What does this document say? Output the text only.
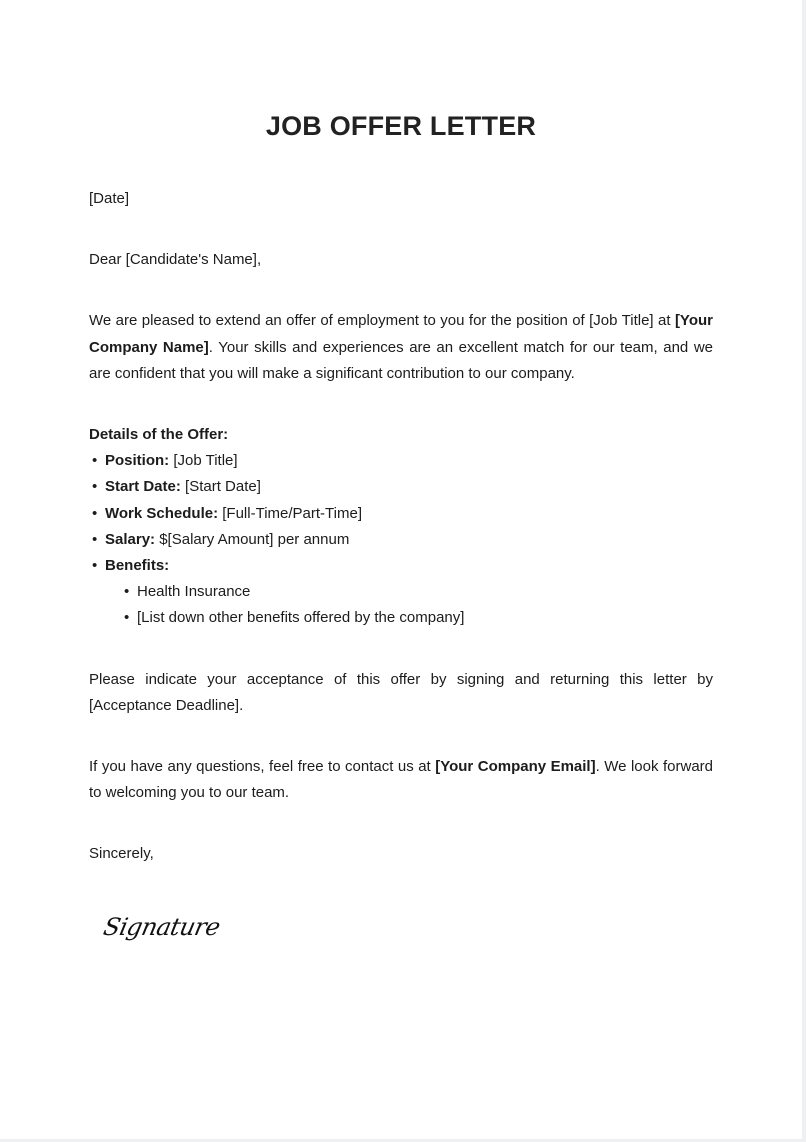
JOB OFFER LETTER

[Date]

Dear [Candidate's Name],

We are pleased to extend an offer of employment to you for the position of [Job Title] at [Your Company Name]. Your skills and experiences are an excellent match for our team, and we are confident that you will make a significant contribution to our company.

Details of the Offer:
• Position: [Job Title]
• Start Date: [Start Date]
• Work Schedule: [Full-Time/Part-Time]
• Salary: $[Salary Amount] per annum
• Benefits:
• Health Insurance
• [List down other benefits offered by the company]

Please indicate your acceptance of this offer by signing and returning this letter by [Acceptance Deadline].

If you have any questions, feel free to contact us at [Your Company Email]. We look forward to welcoming you to our team.

Sincerely,

Signature
